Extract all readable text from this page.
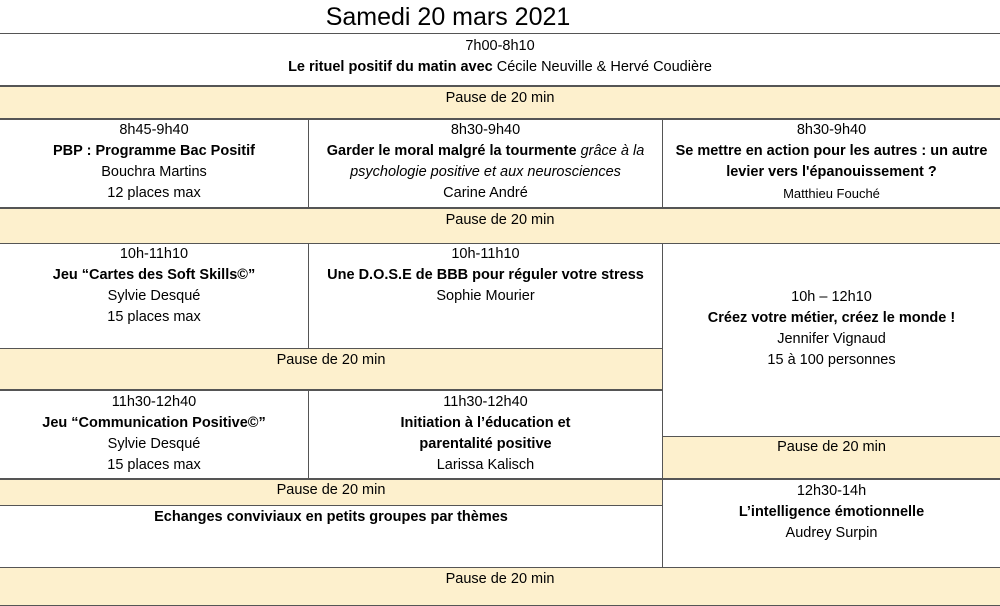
Samedi 20 mars 2021
7h00-8h10
Le rituel positif du matin avec Cécile Neuville & Hervé Coudière
Pause de 20 min
8h45-9h40
PBP : Programme Bac Positif
Bouchra Martins
12 places max
8h30-9h40
Garder le moral malgré la tourmente grâce à la
psychologie positive et aux neurosciences
Carine André
8h30-9h40
Se mettre en action pour les autres : un autre
levier vers l'épanouissement ?
Matthieu Fouché
Pause de 20 min
10h-11h10
Jeu “Cartes des Soft Skills©”
Sylvie Desqué
15 places max
10h-11h10
Une D.O.S.E de BBB pour réguler votre stress
Sophie Mourier	10h – 12h10
Créez votre métier, créez le monde !
Jennifer Vignaud
15 à 100 personnes
Pause de 20 min
11h30-12h40
Jeu “Communication Positive©”
Sylvie Desqué
15 places max
11h30-12h40
Initiation à l’éducation et
parentalité positive
Larissa Kalisch
Pause de 20 min
Pause de 20 min
Echanges conviviaux en petits groupes par thèmes
12h30-14h
L’intelligence émotionnelle
Audrey Surpin
Pause de 20 min
